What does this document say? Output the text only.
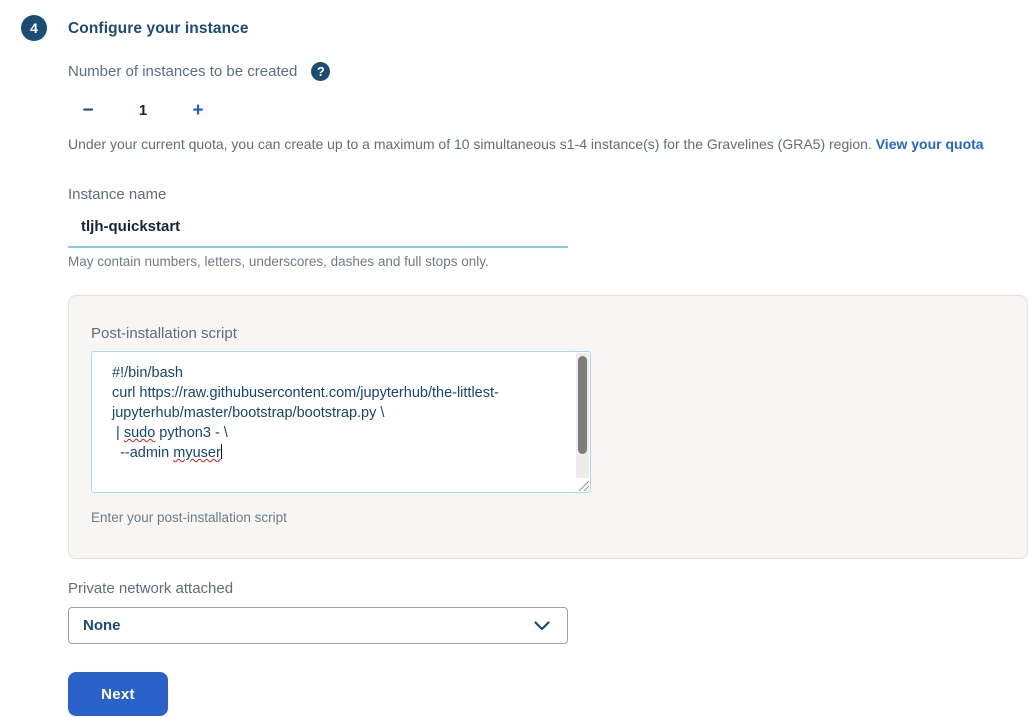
4	Configure your instance
Number of instances to be created	?
−	1	+
Under your current quota, you can create up to a maximum of 10 simultaneous s1-4 instance(s) for the Gravelines (GRA5) region. View your quota
Instance name
tljh-quickstart
May contain numbers, letters, underscores, dashes and full stops only.
Post-installation script
#!/bin/bash
curl https://raw.githubusercontent.com/jupyterhub/the-littlest-jupyterhub/master/bootstrap/bootstrap.py \
| sudo python3 - \
--admin myuser
Enter your post-installation script
Private network attached
None
Next
